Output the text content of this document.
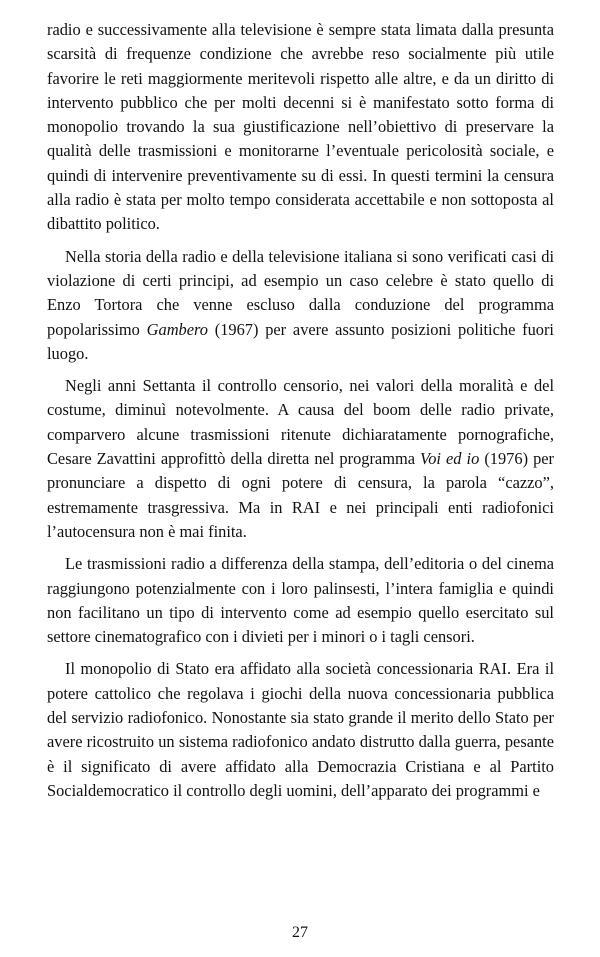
radio e successivamente alla televisione è sempre stata limata dalla presunta scarsità di frequenze condizione che avrebbe reso socialmente più utile favorire le reti maggiormente meritevoli rispetto alle altre, e da un diritto di intervento pubblico che per molti decenni si è manifestato sotto forma di monopolio trovando la sua giustificazione nell’obiettivo di preservare la qualità delle trasmissioni e monitorarne l’eventuale pericolosità sociale, e quindi di intervenire preventivamente su di essi. In questi termini la censura alla radio è stata per molto tempo considerata accettabile e non sottoposta al dibattito politico.

Nella storia della radio e della televisione italiana si sono verificati casi di violazione di certi principi, ad esempio un caso celebre è stato quello di Enzo Tortora che venne escluso dalla conduzione del programma popolarissimo Gambero (1967) per avere assunto posizioni politiche fuori luogo.

Negli anni Settanta il controllo censorio, nei valori della moralità e del costume, diminuì notevolmente. A causa del boom delle radio private, comparvero alcune trasmissioni ritenute dichiaratamente pornografiche, Cesare Zavattini approfittò della diretta nel programma Voi ed io (1976) per pronunciare a dispetto di ogni potere di censura, la parola “cazzo”, estremamente trasgressiva. Ma in RAI e nei principali enti radiofonici l’autocensura non è mai finita.

Le trasmissioni radio a differenza della stampa, dell’editoria o del cinema raggiungono potenzialmente con i loro palinsesti, l’intera famiglia e quindi non facilitano un tipo di intervento come ad esempio quello esercitato sul settore cinematografico con i divieti per i minori o i tagli censori.

Il monopolio di Stato era affidato alla società concessionaria RAI. Era il potere cattolico che regolava i giochi della nuova concessionaria pubblica del servizio radiofonico. Nonostante sia stato grande il merito dello Stato per avere ricostruito un sistema radiofonico andato distrutto dalla guerra, pesante è il significato di avere affidato alla Democrazia Cristiana e al Partito Socialdemocratico il controllo degli uomini, dell’apparato dei programmi e

27
